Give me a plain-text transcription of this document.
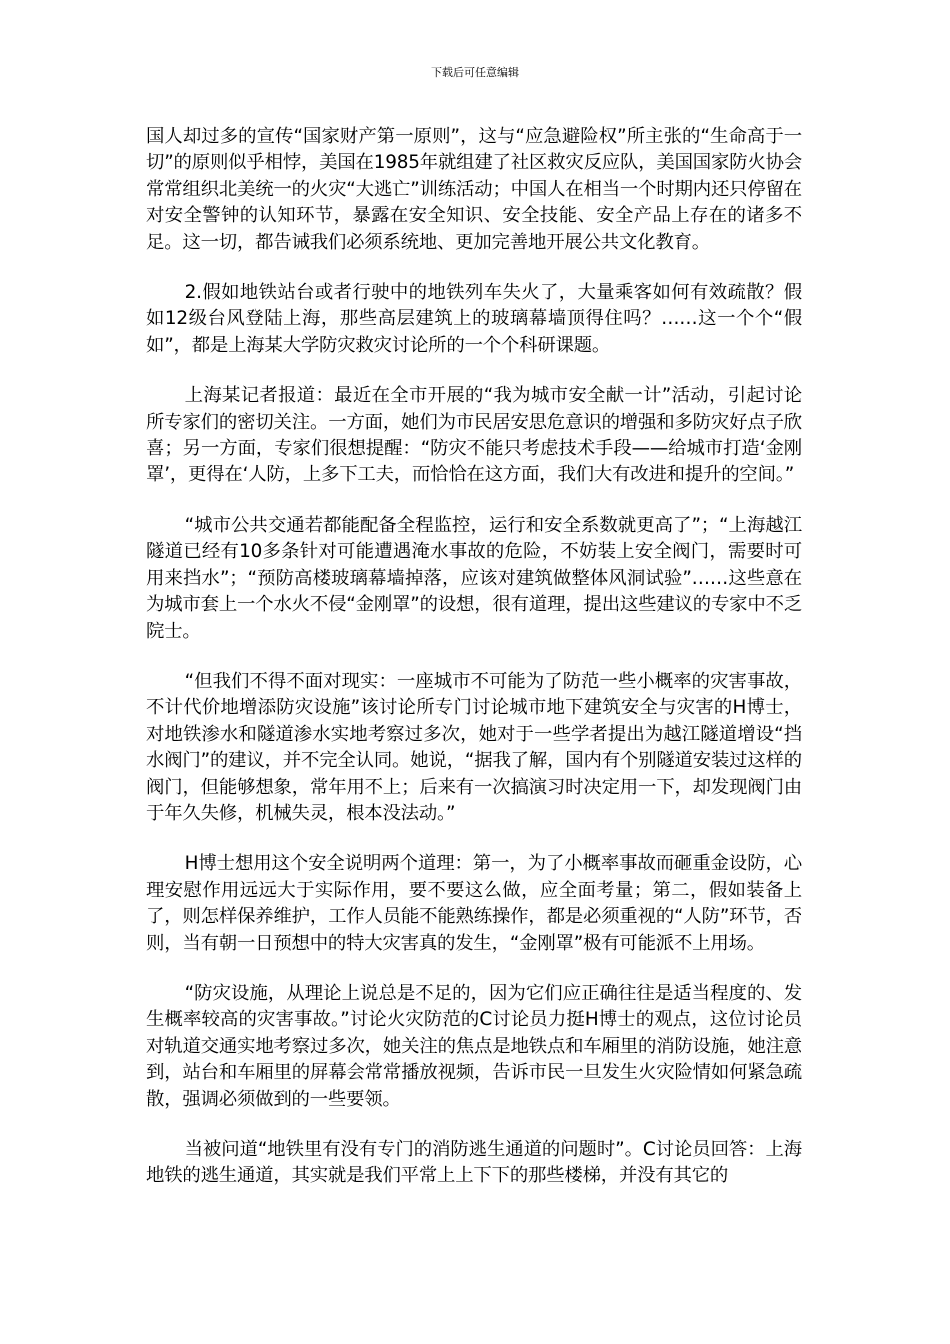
下载后可任意编辑

国人却过多的宣传“国家财产第一原则”，这与“应急避险权”所主张的“生命高于一切”的原则似乎相悖，美国在1985年就组建了社区救灾反应队，美国国家防火协会常常组织北美统一的火灾“大逃亡”训练活动；中国人在相当一个时期内还只停留在对安全警钟的认知环节，暴露在安全知识、安全技能、安全产品上存在的诸多不足。这一切，都告诫我们必须系统地、更加完善地开展公共文化教育。

2.假如地铁站台或者行驶中的地铁列车失火了，大量乘客如何有效疏散？假如12级台风登陆上海，那些高层建筑上的玻璃幕墙顶得住吗？……这一个个“假如”，都是上海某大学防灾救灾讨论所的一个个科研课题。

上海某记者报道：最近在全市开展的“我为城市安全献一计”活动，引起讨论所专家们的密切关注。一方面，她们为市民居安思危意识的增强和多防灾好点子欣喜；另一方面，专家们很想提醒：“防灾不能只考虑技术手段——给城市打造‘金刚罩’，更得在‘人防，上多下工夫，而恰恰在这方面，我们大有改进和提升的空间。”

“城市公共交通若都能配备全程监控，运行和安全系数就更高了”；“上海越江隧道已经有10多条针对可能遭遇淹水事故的危险，不妨装上安全阀门，需要时可用来挡水”；“预防高楼玻璃幕墙掉落，应该对建筑做整体风洞试验”……这些意在为城市套上一个水火不侵“金刚罩”的设想，很有道理，提出这些建议的专家中不乏院士。

“但我们不得不面对现实：一座城市不可能为了防范一些小概率的灾害事故，不计代价地增添防灾设施”该讨论所专门讨论城市地下建筑安全与灾害的H博士，对地铁渗水和隧道渗水实地考察过多次，她对于一些学者提出为越江隧道增设“挡水阀门”的建议，并不完全认同。她说，“据我了解，国内有个别隧道安装过这样的阀门，但能够想象，常年用不上；后来有一次搞演习时决定用一下，却发现阀门由于年久失修，机械失灵，根本没法动。”

H博士想用这个安全说明两个道理：第一，为了小概率事故而砸重金设防，心理安慰作用远远大于实际作用，要不要这么做，应全面考量；第二，假如装备上了，则怎样保养维护，工作人员能不能熟练操作，都是必须重视的“人防”环节，否则，当有朝一日预想中的特大灾害真的发生，“金刚罩”极有可能派不上用场。

“防灾设施，从理论上说总是不足的，因为它们应正确往往是适当程度的、发生概率较高的灾害事故。”讨论火灾防范的C讨论员力挺H博士的观点，这位讨论员对轨道交通实地考察过多次，她关注的焦点是地铁点和车厢里的消防设施，她注意到，站台和车厢里的屏幕会常常播放视频，告诉市民一旦发生火灾险情如何紧急疏散，强调必须做到的一些要领。

当被问道“地铁里有没有专门的消防逃生通道的问题时”。C讨论员回答：上海地铁的逃生通道，其实就是我们平常上上下下的那些楼梯，并没有其它的
